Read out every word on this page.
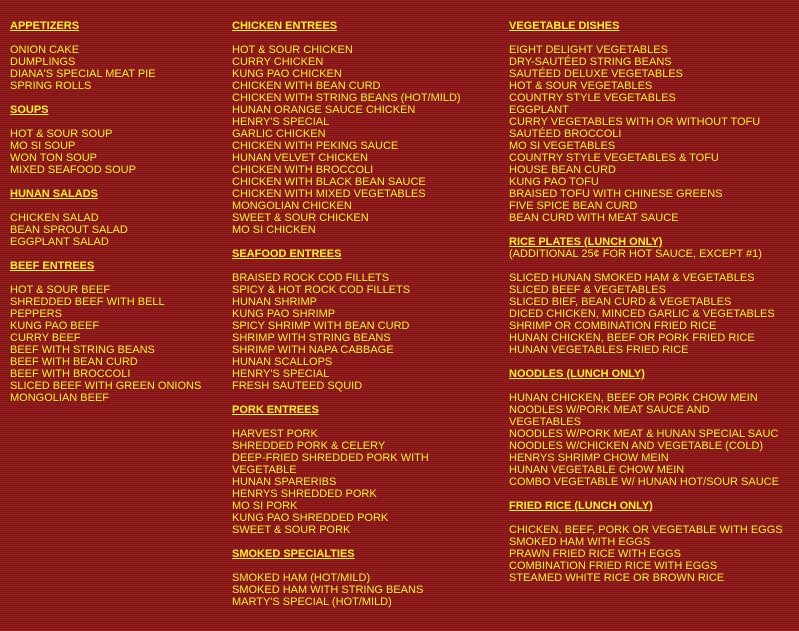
APPETIZERS
ONION CAKE
DUMPLINGS
DIANA'S SPECIAL MEAT PIE
SPRING ROLLS
SOUPS
HOT & SOUR SOUP
MO SI SOUP
WON TON SOUP
MIXED SEAFOOD SOUP
HUNAN SALADS
CHICKEN SALAD
BEAN SPROUT SALAD
EGGPLANT SALAD
BEEF ENTREES
HOT & SOUR BEEF
SHREDDED BEEF WITH BELL
PEPPERS
KUNG PAO BEEF
CURRY BEEF
BEEF WITH STRING BEANS
BEEF WITH BEAN CURD
BEEF WITH BROCCOLI
SLICED BEEF WITH GREEN ONIONS
MONGOLIAN BEEF
CHICKEN ENTREES
HOT & SOUR CHICKEN
CURRY CHICKEN
KUNG PAO CHICKEN
CHICKEN WITH BEAN CURD
CHICKEN WITH STRING BEANS (HOT/MILD)
HUNAN ORANGE SAUCE CHICKEN
HENRY'S SPECIAL
GARLIC CHICKEN
CHICKEN WITH PEKING SAUCE
HUNAN VELVET CHICKEN
CHICKEN WITH BROCCOLI
CHICKEN WITH BLACK BEAN SAUCE
CHICKEN WITH MIXED VEGETABLES
MONGOLIAN CHICKEN
SWEET & SOUR CHICKEN
MO SI CHICKEN
SEAFOOD ENTREES
BRAISED ROCK COD FILLETS
SPICY & HOT ROCK COD FILLETS
HUNAN SHRIMP
KUNG PAO SHRIMP
SPICY SHRIMP WITH BEAN CURD
SHRIMP WITH STRING BEANS
SHRIMP WITH NAPA CABBAGE
HUNAN SCALLOPS
HENRY'S SPECIAL
FRESH SAUTEED SQUID
PORK ENTREES
HARVEST PORK
SHREDDED PORK & CELERY
DEEP-FRIED SHREDDED PORK WITH
VEGETABLE
HUNAN SPARERIBS
HENRYS SHREDDED PORK
MO SI PORK
KUNG PAO SHREDDED PORK
SWEET & SOUR PORK
SMOKED SPECIALTIES
SMOKED HAM (HOT/MILD)
SMOKED HAM WITH STRING BEANS
MARTY'S SPECIAL (HOT/MILD)
VEGETABLE DISHES
EIGHT DELIGHT VEGETABLES
DRY-SAUTÉED STRING BEANS
SAUTÉED DELUXE VEGETABLES
HOT & SOUR VEGETABLES
COUNTRY STYLE VEGETABLES
EGGPLANT
CURRY VEGETABLES WITH OR WITHOUT TOFU
SAUTÉED BROCCOLI
MO SI VEGETABLES
COUNTRY STYLE VEGETABLES & TOFU
HOUSE BEAN CURD
KUNG PAO TOFU
BRAISED TOFU WITH CHINESE GREENS
FIVE SPICE BEAN CURD
BEAN CURD WITH MEAT SAUCE
RICE PLATES (LUNCH ONLY)
(ADDITIONAL 25¢ FOR HOT SAUCE, EXCEPT #1)
SLICED HUNAN SMOKED HAM & VEGETABLES
SLICED BEEF & VEGETABLES
SLICED BIEF, BEAN CURD & VEGETABLES
DICED CHICKEN, MINCED GARLIC & VEGETABLES
SHRIMP OR COMBINATION FRIED RICE
HUNAN CHICKEN, BEEF OR PORK FRIED RICE
HUNAN VEGETABLES FRIED RICE
NOODLES (LUNCH ONLY)
HUNAN CHICKEN, BEEF OR PORK CHOW MEIN
NOODLES W/PORK MEAT SAUCE AND
VEGETABLES
NOODLES W/PORK MEAT & HUNAN SPECIAL SAUC
NOODLES W/CHICKEN AND VEGETABLE (COLD)
HENRYS SHRIMP CHOW MEIN
HUNAN VEGETABLE CHOW MEIN
COMBO VEGETABLE W/ HUNAN HOT/SOUR SAUCE
FRIED RICE (LUNCH ONLY)
CHICKEN, BEEF, PORK OR VEGETABLE WITH EGGS
SMOKED HAM WITH EGGS
PRAWN FRIED RICE WITH EGGS
COMBINATION FRIED RICE WITH EGGS
STEAMED WHITE RICE OR BROWN RICE
